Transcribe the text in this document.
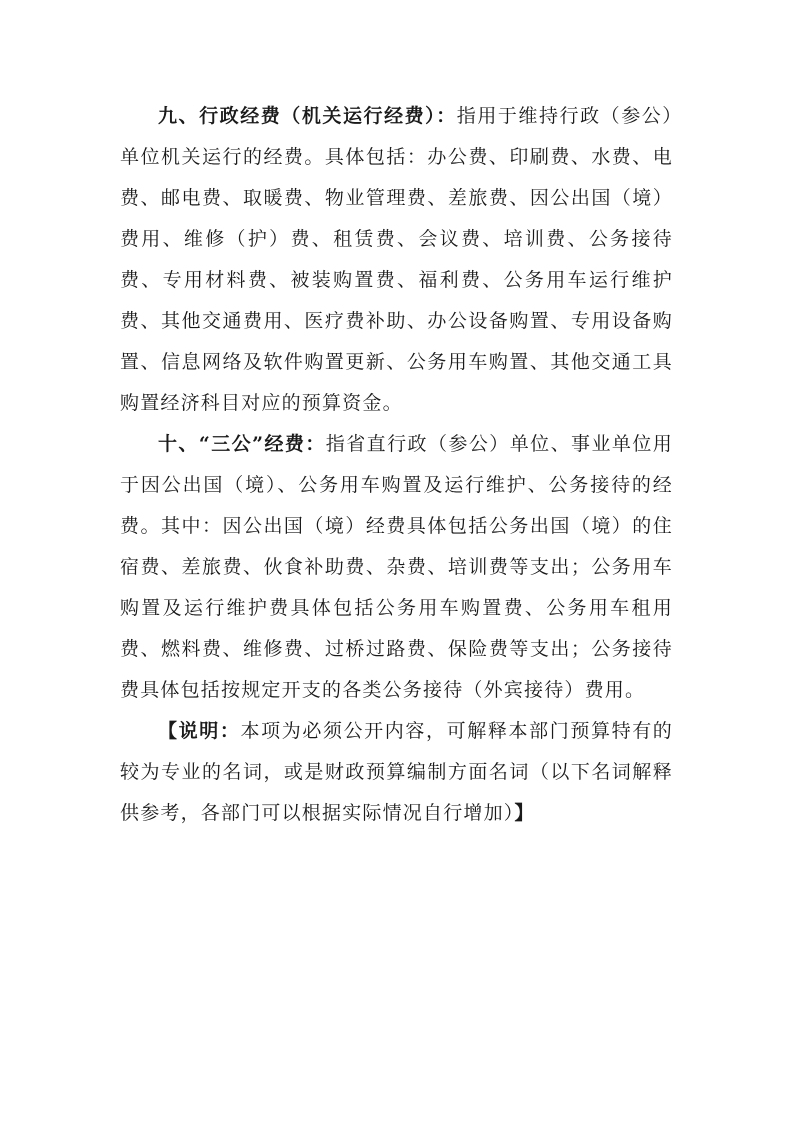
九、行政经费（机关运行经费）：指用于维持行政（参公）单位机关运行的经费。具体包括：办公费、印刷费、水费、电费、邮电费、取暖费、物业管理费、差旅费、因公出国（境）费用、维修（护）费、租赁费、会议费、培训费、公务接待费、专用材料费、被装购置费、福利费、公务用车运行维护费、其他交通费用、医疗费补助、办公设备购置、专用设备购置、信息网络及软件购置更新、公务用车购置、其他交通工具购置经济科目对应的预算资金。

十、“三公”经费：指省直行政（参公）单位、事业单位用于因公出国（境）、公务用车购置及运行维护、公务接待的经费。其中：因公出国（境）经费具体包括公务出国（境）的住宿费、差旅费、伙食补助费、杂费、培训费等支出；公务用车购置及运行维护费具体包括公务用车购置费、公务用车租用费、燃料费、维修费、过桥过路费、保险费等支出；公务接待费具体包括按规定开支的各类公务接待（外宾接待）费用。

【说明：本项为必须公开内容，可解释本部门预算特有的较为专业的名词，或是财政预算编制方面名词（以下名词解释供参考，各部门可以根据实际情况自行增加）】
